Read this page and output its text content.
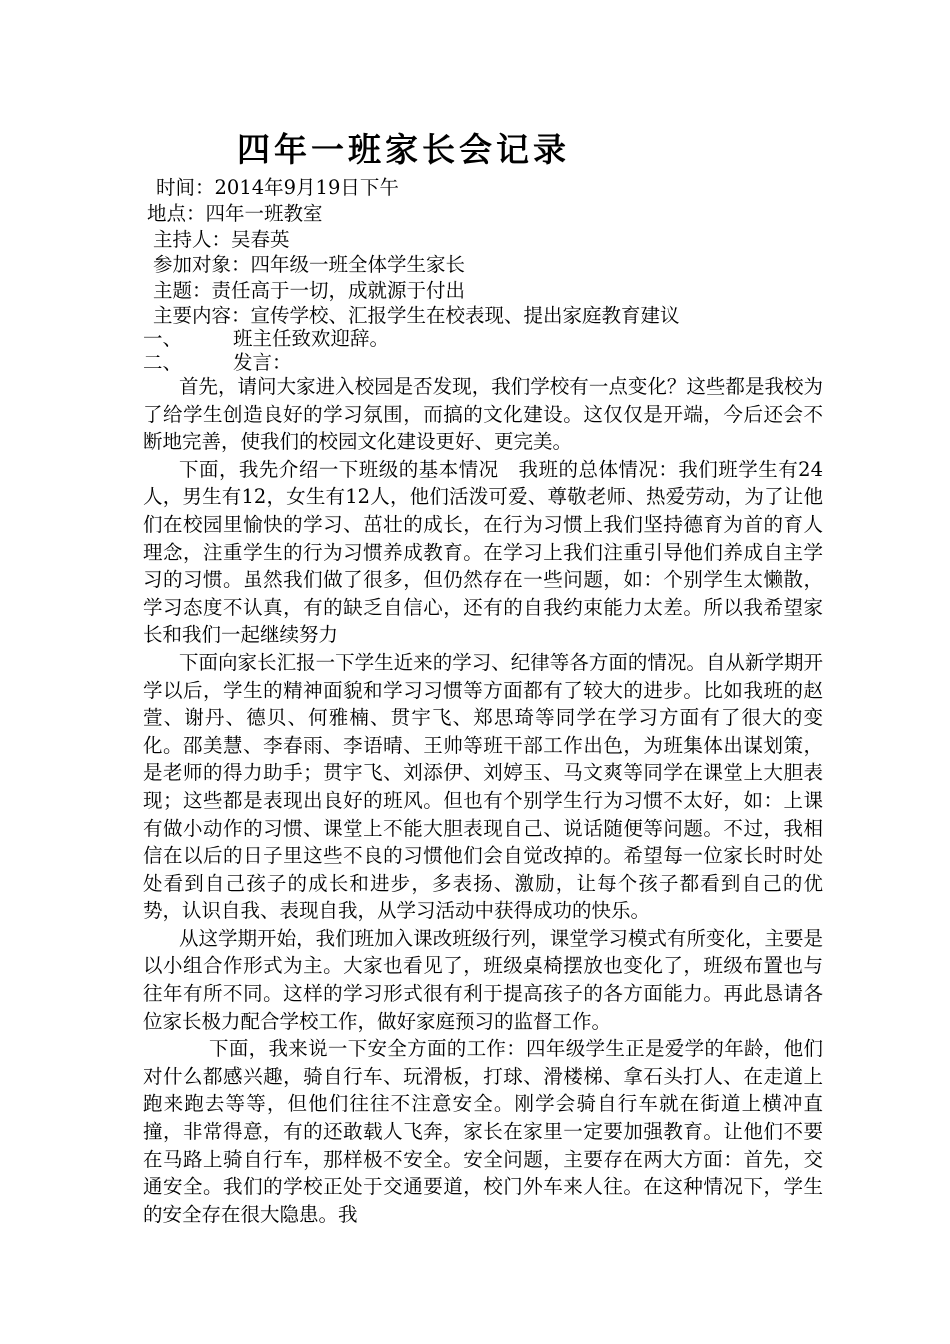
四年一班家长会记录
时间：2014年9月19日下午
地点：四年一班教室
主持人：吴春英
参加对象：四年级一班全体学生家长
主题：责任高于一切，成就源于付出
主要内容：宣传学校、汇报学生在校表现、提出家庭教育建议
一、	班主任致欢迎辞。
二、	发言：

首先，请问大家进入校园是否发现，我们学校有一点变化？这些都是我校为了给学生创造良好的学习氛围，而搞的文化建设。这仅仅是开端，今后还会不断地完善，使我们的校园文化建设更好、更完美。

下面，我先介绍一下班级的基本情况　我班的总体情况：我们班学生有24人，男生有12，女生有12人，他们活泼可爱、尊敬老师、热爱劳动，为了让他们在校园里愉快的学习、茁壮的成长，在行为习惯上我们坚持德育为首的育人理念，注重学生的行为习惯养成教育。在学习上我们注重引导他们养成自主学习的习惯。虽然我们做了很多，但仍然存在一些问题，如：个别学生太懒散，学习态度不认真，有的缺乏自信心，还有的自我约束能力太差。所以我希望家长和我们一起继续努力

下面向家长汇报一下学生近来的学习、纪律等各方面的情况。自从新学期开学以后，学生的精神面貌和学习习惯等方面都有了较大的进步。比如我班的赵萱、谢丹、德贝、何雅楠、贯宇飞、郑思琦等同学在学习方面有了很大的变化。邵美慧、李春雨、李语晴、王帅等班干部工作出色，为班集体出谋划策，是老师的得力助手；贯宇飞、刘添伊、刘婷玉、马文爽等同学在课堂上大胆表现；这些都是表现出良好的班风。但也有个别学生行为习惯不太好，如：上课有做小动作的习惯、课堂上不能大胆表现自己、说话随便等问题。不过，我相信在以后的日子里这些不良的习惯他们会自觉改掉的。希望每一位家长时时处处看到自己孩子的成长和进步，多表扬、激励，让每个孩子都看到自己的优势，认识自我、表现自我，从学习活动中获得成功的快乐。

从这学期开始，我们班加入课改班级行列，课堂学习模式有所变化，主要是以小组合作形式为主。大家也看见了，班级桌椅摆放也变化了，班级布置也与往年有所不同。这样的学习形式很有利于提高孩子的各方面能力。再此恳请各位家长极力配合学校工作，做好家庭预习的监督工作。

下面，我来说一下安全方面的工作：四年级学生正是爱学的年龄，他们对什么都感兴趣，骑自行车、玩滑板，打球、滑楼梯、拿石头打人、在走道上跑来跑去等等，但他们往往不注意安全。刚学会骑自行车就在街道上横冲直撞，非常得意，有的还敢载人飞奔，家长在家里一定要加强教育。让他们不要在马路上骑自行车，那样极不安全。安全问题，主要存在两大方面：首先，交通安全。我们的学校正处于交通要道，校门外车来人往。在这种情况下，学生的安全存在很大隐患。我
